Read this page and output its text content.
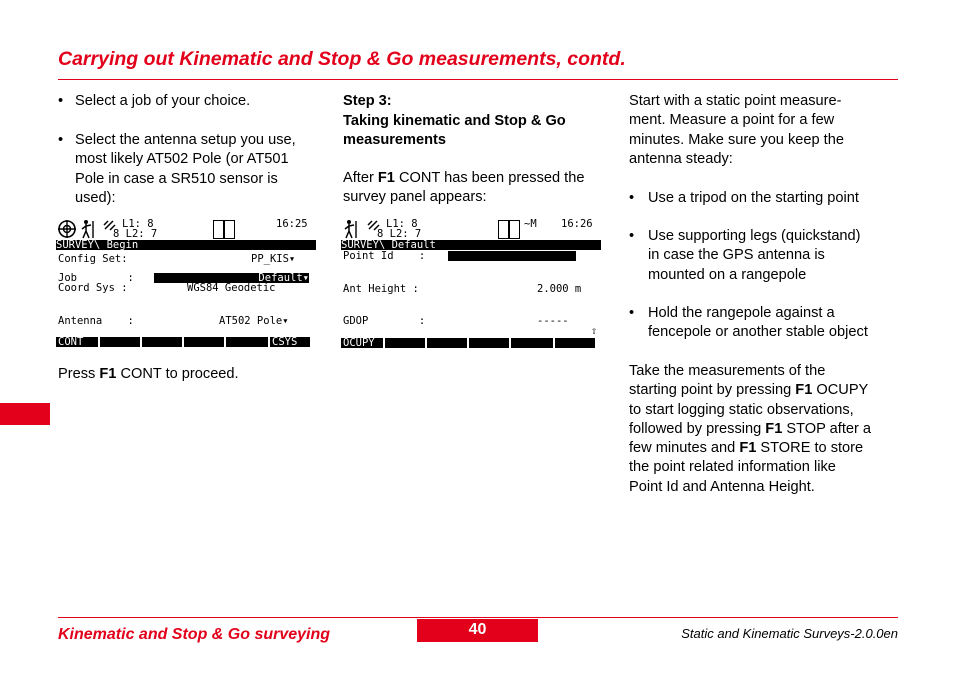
Carrying out Kinematic and Stop & Go measurements, contd.
• Select a job of your choice.
• Select the antenna setup you use,
most likely AT502 Pole (or AT501
Pole in case a SR510 sensor is
used):
L1: 8
8 L2: 7
16:25
SURVEY\ Begin
Config Set:	PP_KIS▾
Job        :	Default▾
Coord Sys :	WGS84 Geodetic
Antenna    :	AT502 Pole▾
CONT	CSYS
Press F1 CONT to proceed.
Step 3:
Taking kinematic and Stop & Go
measurements
After F1 CONT has been pressed the
survey panel appears:
L1: 8
8 L2: 7
~M 16:26
SURVEY\ Default
Point Id    :
Ant Height :	2.000 m
GDOP        :	-----
⇧
OCUPY
Start with a static point measure-
ment. Measure a point for a few
minutes. Make sure you keep the
antenna steady:
• Use a tripod on the starting point
• Use supporting legs (quickstand)
in case the GPS antenna is
mounted on a rangepole
• Hold the rangepole against a
fencepole or another stable object
Take the measurements of the
starting point by pressing F1 OCUPY
to start logging static observations,
followed by pressing F1 STOP after a
few minutes and F1 STORE to store
the point related information like
Point Id and Antenna Height.
Kinematic and Stop & Go surveying	40	Static and Kinematic Surveys-2.0.0en
